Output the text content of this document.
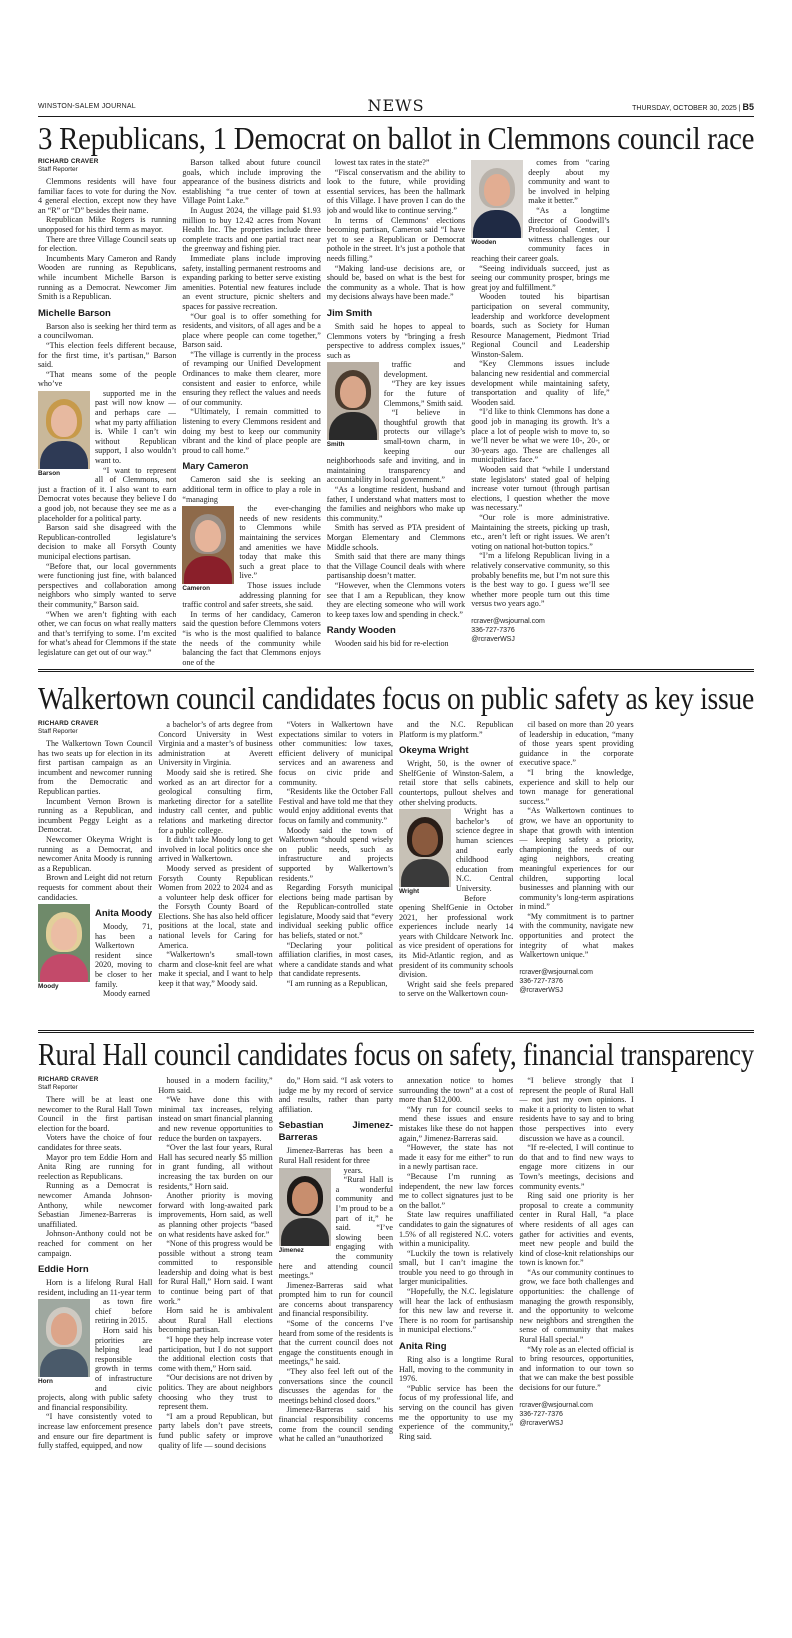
WINSTON-SALEM JOURNAL	NEWS	THURSDAY, OCTOBER 30, 2025 | B5
3 Republicans, 1 Democrat on ballot in Clemmons council race
RICHARD CRAVER
Staff Reporter

Clemmons residents will have four familiar faces to vote for during the Nov. 4 general election, except now they have an “R” or “D” besides their name.

Republican Mike Rogers is running unopposed for his third term as mayor.

There are three Village Council seats up for election.

Incumbents Mary Cameron and Randy Wooden are running as Republicans, while incumbent Michelle Barson is running as a Democrat. Newcomer Jim Smith is a Republican.

Michelle Barson

Barson also is seeking her third term as a councilwoman.

“This election feels different because, for the first time, it’s partisan,” Barson said.

“That means some of the people who’ve

Barson

supported me in the past will now know — and perhaps care — what my party affiliation is. While I can’t win without Republican support, I also wouldn’t want to.

“I want to represent all of Clemmons, not just a fraction of it. I also want to earn Democrat votes because they believe I do a good job, not because they see me as a placeholder for a political party.

Barson said she disagreed with the Republican-controlled legislature’s decision to make all Forsyth County municipal elections partisan.

“Before that, our local governments were functioning just fine, with balanced perspectives and collaboration among neighbors who simply wanted to serve their community,” Barson said.

“When we aren’t fighting with each other, we can focus on what really matters and that’s terrifying to some. I’m excited for what’s ahead for Clemmons if the state legislature can get out of our way.”

Barson talked about future council goals, which include improving the appearance of the business districts and establishing “a true center of town at Village Point Lake.”

In August 2024, the village paid $1.93 million to buy 12.42 acres from Novant Health Inc. The properties include three complete tracts and one partial tract near the greenway and fishing pier.

Immediate plans include improving safety, installing permanent restrooms and expanding parking to better serve existing amenities. Potential new features include an event structure, picnic shelters and spaces for passive recreation.

“Our goal is to offer something for residents, and visitors, of all ages and be a place where people can come together,” Barson said.

“The village is currently in the process of revamping our Unified Development Ordinances to make them clearer, more consistent and easier to enforce, while ensuring they reflect the values and needs of our community.

“Ultimately, I remain committed to listening to every Clemmons resident and doing my best to keep our community vibrant and the kind of place people are proud to call home.”

Mary Cameron

Cameron said she is seeking an additional term in office to play a role in “managing

Cameron

the ever-changing needs of new residents to Clemmons while maintaining the services and amenities we have today that make this such a great place to live.”

Those issues include addressing planning for traffic control and safer streets, she said.

In terms of her candidacy, Cameron said the question before Clemmons voters “is who is the most qualified to balance the needs of the community while balancing the fact that Clemmons enjoys one of the

lowest tax rates in the state?”

“Fiscal conservatism and the ability to look to the future, while providing essential services, has been the hallmark of this Village. I have proven I can do the job and would like to continue serving.”

In terms of Clemmons’ elections becoming partisan, Cameron said “I have yet to see a Republican or Democrat pothole in the street. It’s just a pothole that needs filling.”

“Making land-use decisions are, or should be, based on what is the best for the community as a whole. That is how my decisions always have been made.”

Jim Smith

Smith said he hopes to appeal to Clemmons voters by “bringing a fresh perspective to address complex issues,” such as

Smith

traffic and development.

“They are key issues for the future of Clemmons,” Smith said.

“I believe in thoughtful growth that protects our village’s small-town charm, in keeping our neighborhoods safe and inviting, and in maintaining transparency and accountability in local government.”

“As a longtime resident, husband and father, I understand what matters most to the families and neighbors who make up this community.”

Smith has served as PTA president of Morgan Elementary and Clemmons Middle schools.

Smith said that there are many things that the Village Council deals with where partisanship doesn’t matter.

“However, when the Clemmons voters see that I am a Republican, they know they are electing someone who will work to keep taxes low and spending in check.”

Randy Wooden

Wooden said his bid for re-election

Wooden

comes from “caring deeply about my community and want to be involved in helping make it better.”

“As a longtime director of Goodwill’s Professional Center, I witness challenges our community faces in reaching their career goals.

“Seeing individuals succeed, just as seeing our community prosper, brings me great joy and fulfillment.”

Wooden touted his bipartisan participation on several community, leadership and workforce development boards, such as Society for Human Resource Management, Piedmont Triad Regional Council and Leadership Winston-Salem.

“Key Clemmons issues include balancing new residential and commercial development while maintaining safety, transportation and quality of life,” Wooden said.

“I’d like to think Clemmons has done a good job in managing its growth. It’s a place a lot of people wish to move to, so we’ll never be what we were 10-, 20-, or 30-years ago. These are challenges all municipalities face.”

Wooden said that “while I understand state legislators’ stated goal of helping increase voter turnout (through partisan elections, I question whether the move was necessary.”

“Our role is more administrative. Maintaining the streets, picking up trash, etc., aren’t left or right issues. We aren’t voting on national hot-button topics.”

“I’m a lifelong Republican living in a relatively conservative community, so this probably benefits me, but I’m not sure this is the best way to go. I guess we’ll see whether more people turn out this time versus two years ago.”

rcraver@wsjournal.com
336-727-7376
@rcraverWSJ
Walkertown council candidates focus on public safety as key issue
RICHARD CRAVER
Staff Reporter

The Walkertown Town Council has two seats up for election in its first partisan campaign as an incumbent and newcomer running from the Democratic and Republican parties.

Incumbent Vernon Brown is running as a Republican, and incumbent Peggy Leight as a Democrat.

Newcomer Okeyma Wright is running as a Democrat, and newcomer Anita Moody is running as a Republican.

Brown and Leight did not return requests for comment about their candidacies.

Moody
Anita Moody

Moody, 71, has been a Walkertown resident since 2020, moving to be closer to her family.

Moody earned

a bachelor’s of arts degree from Concord University in West Virginia and a master’s of business administration at Averett University in Virginia.

Moody said she is retired. She worked as an art director for a geological consulting firm, marketing director for a satellite industry call center, and public relations and marketing director for a public college.

It didn’t take Moody long to get involved in local politics once she arrived in Walkertown.

Moody served as president of Forsyth County Republican Women from 2022 to 2024 and as a volunteer help desk officer for the Forsyth County Board of Elections. She has also held officer positions at the local, state and national levels for Caring for America.

“Walkertown’s small-town charm and close-knit feel are what make it special, and I want to help keep it that way,” Moody said.

“Voters in Walkertown have expectations similar to voters in other communities: low taxes, efficient delivery of municipal services and an awareness and focus on civic pride and community.

“Residents like the October Fall Festival and have told me that they would enjoy additional events that focus on family and community.”

Moody said the town of Walkertown “should spend wisely on public needs, such as infrastructure and projects supported by Walkertown’s residents.”

Regarding Forsyth municipal elections being made partisan by the Republican-controlled state legislature, Moody said that “every individual seeking public office has beliefs, stated or not.”

“Declaring your political affiliation clarifies, in most cases, where a candidate stands and what that candidate represents.

“I am running as a Republican,

and the N.C. Republican Platform is my platform.”

Okeyma Wright

Wright, 50, is the owner of ShelfGenie of Winston-Salem, a retail store that sells cabinets, countertops, pullout shelves and other shelving products.

Wright

Wright has a bachelor’s of science degree in human sciences and early childhood education from N.C. Central University.

Before opening ShelfGenie in October 2021, her professional work experiences include nearly 14 years with Childcare Network Inc. as vice president of operations for its Mid-Atlantic region, and as president of its community schools division.

Wright said she feels prepared to serve on the Walkertown coun-

cil based on more than 20 years of leadership in education, “many of those years spent providing guidance in the corporate executive space.”

“I bring the knowledge, experience and skill to help our town manage for generational success.”

“As Walkertown continues to grow, we have an opportunity to shape that growth with intention — keeping safety a priority, championing the needs of our aging neighbors, creating meaningful experiences for our children, supporting local businesses and planning with our community’s long-term aspirations in mind.”

“My commitment is to partner with the community, navigate new opportunities and protect the integrity of what makes Walkertown unique.”

rcraver@wsjournal.com
336-727-7376
@rcraverWSJ
Rural Hall council candidates focus on safety, financial transparency
RICHARD CRAVER
Staff Reporter

There will be at least one newcomer to the Rural Hall Town Council in the first partisan election for the board.

Voters have the choice of four candidates for three seats.

Mayor pro tem Eddie Horn and Anita Ring are running for reelection as Republicans.

Running as a Democrat is newcomer Amanda Johnson-Anthony, while newcomer Sebastian Jimenez-Barreras is unaffiliated.

Johnson-Anthony could not be reached for comment on her campaign.

Eddie Horn

Horn is a lifelong Rural Hall resident, including an 11-year term

Horn

as town fire chief before retiring in 2015.

Horn said his priorities are helping lead responsible growth in terms of infrastructure and civic projects, along with public safety and financial responsibility.

“I have consistently voted to increase law enforcement presence and ensure our fire department is fully staffed, equipped, and now

housed in a modern facility,” Horn said.

“We have done this with minimal tax increases, relying instead on smart financial planning and new revenue opportunities to reduce the burden on taxpayers.

“Over the last four years, Rural Hall has secured nearly $5 million in grant funding, all without increasing the tax burden on our residents,” Horn said.

Another priority is moving forward with long-awaited park improvements, Horn said, as well as planning other projects “based on what residents have asked for.”

“None of this progress would be possible without a strong team committed to responsible leadership and doing what is best for Rural Hall,” Horn said. I want to continue being part of that work.”

Horn said he is ambivalent about Rural Hall elections becoming partisan.

“I hope they help increase voter participation, but I do not support the additional election costs that come with them,” Horn said.

“Our decisions are not driven by politics. They are about neighbors choosing who they trust to represent them.

“I am a proud Republican, but party labels don’t pave streets, fund public safety or improve quality of life — sound decisions

do,” Horn said. “I ask voters to judge me by my record of service and results, rather than party affiliation.

Sebastian Jimenez-Barreras

Jimenez-Barreras has been a Rural Hall resident for three

Jimenez

years.

“Rural Hall is a wonderful community and I’m proud to be a part of it,” he said. “I’ve slowing been engaging with the community here and attending council meetings.”

Jimenez-Barreras said what prompted him to run for council are concerns about transparency and financial responsibility.

“Some of the concerns I’ve heard from some of the residents is that the current council does not engage the constituents enough in meetings,” he said.

“They also feel left out of the conversations since the council discusses the agendas for the meetings behind closed doors.”

Jimenez-Barreras said his financial responsibility concerns come from the council sending what he called an “unauthorized

annexation notice to homes surrounding the town” at a cost of more than $12,000.

“My run for council seeks to mend these issues and ensure mistakes like these do not happen again,” Jimenez-Barreras said.

“However, the state has not made it easy for me either” to run in a newly partisan race.

“Because I’m running as independent, the new law forces me to collect signatures just to be on the ballot.”

State law requires unaffiliated candidates to gain the signatures of 1.5% of all registered N.C. voters within a municipality.

“Luckily the town is relatively small, but I can’t imagine the trouble you need to go through in larger municipalities.

“Hopefully, the N.C. legislature will hear the lack of enthusiasm for this new law and reverse it. There is no room for partisanship in municipal elections.”

Anita Ring

Ring also is a longtime Rural Hall, moving to the community in 1976.

“Public service has been the focus of my professional life, and serving on the council has given me the opportunity to use my experience of the community,” Ring said.

“I believe strongly that I represent the people of Rural Hall — not just my own opinions. I make it a priority to listen to what residents have to say and to bring those perspectives into every discussion we have as a council.

“If re-elected, I will continue to do that and to find new ways to engage more citizens in our Town’s meetings, decisions and community events.”

Ring said one priority is her proposal to create a community center in Rural Hall, “a place where residents of all ages can gather for activities and events, meet new people and build the kind of close-knit relationships our town is known for.”

“As our community continues to grow, we face both challenges and opportunities: the challenge of managing the growth responsibly, and the opportunity to welcome new neighbors and strengthen the sense of community that makes Rural Hall special.”

“My role as an elected official is to bring resources, opportunities, and information to our town so that we can make the best possible decisions for our future.”

rcraver@wsjournal.com
336-727-7376
@rcraverWSJ
